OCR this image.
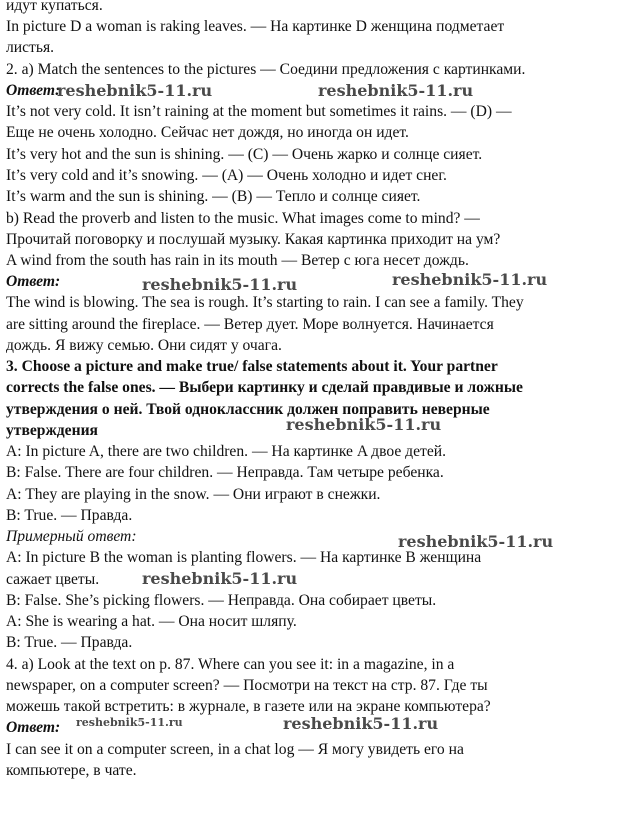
идут купаться.
In picture D a woman is raking leaves. — На картинке D женщина подметает
листья.
2. a) Match the sentences to the pictures — Соедини предложения с картинками.
Ответ:
reshebnik5-11.ru	reshebnik5-11.ru
It’s not very cold. It isn’t raining at the moment but sometimes it rains. — (D) —
Еще не очень холодно. Сейчас нет дождя, но иногда он идет.
It’s very hot and the sun is shining. — (C) — Очень жарко и солнце сияет.
It’s very cold and it’s snowing. — (A) — Очень холодно и идет снег.
It’s warm and the sun is shining. — (B) — Тепло и солнце сияет.
b) Read the proverb and listen to the music. What images come to mind? —
Прочитай поговорку и послушай музыку. Какая картинка приходит на ум?
A wind from the south has rain in its mouth — Ветер с юга несет дождь.
Ответ:	reshebnik5-11.ru	reshebnik5-11.ru
The wind is blowing. The sea is rough. It’s starting to rain. I can see a family. They
are sitting around the fireplace. — Ветер дует. Море волнуется. Начинается
дождь. Я вижу семью. Они сидят у очага.
3. Choose a picture and make true/ false statements about it. Your partner
corrects the false ones. — Выбери картинку и сделай правдивые и ложные
утверждения о ней. Твой одноклассник должен поправить неверные
утверждения	reshebnik5-11.ru
A: In picture A, there are two children. — На картинке A двое детей.
B: False. There are four children. — Неправда. Там четыре ребенка.
A: They are playing in the snow. — Они играют в снежки.
B: True. — Правда.
Примерный ответ:	reshebnik5-11.ru
A: In picture B the woman is planting flowers. — На картинке B женщина
сажает цветы.	reshebnik5-11.ru
B: False. She’s picking flowers. — Неправда. Она собирает цветы.
A: She is wearing a hat. — Она носит шляпу.
B: True. — Правда.
4. a) Look at the text on p. 87. Where can you see it: in a magazine, in a
newspaper, on a computer screen? — Посмотри на текст на стр. 87. Где ты
можешь такой встретить: в журнале, в газете или на экране компьютера?
Ответ: reshebnik5-11.ru	reshebnik5-11.ru
I can see it on a computer screen, in a chat log — Я могу увидеть его на
компьютере, в чате.
